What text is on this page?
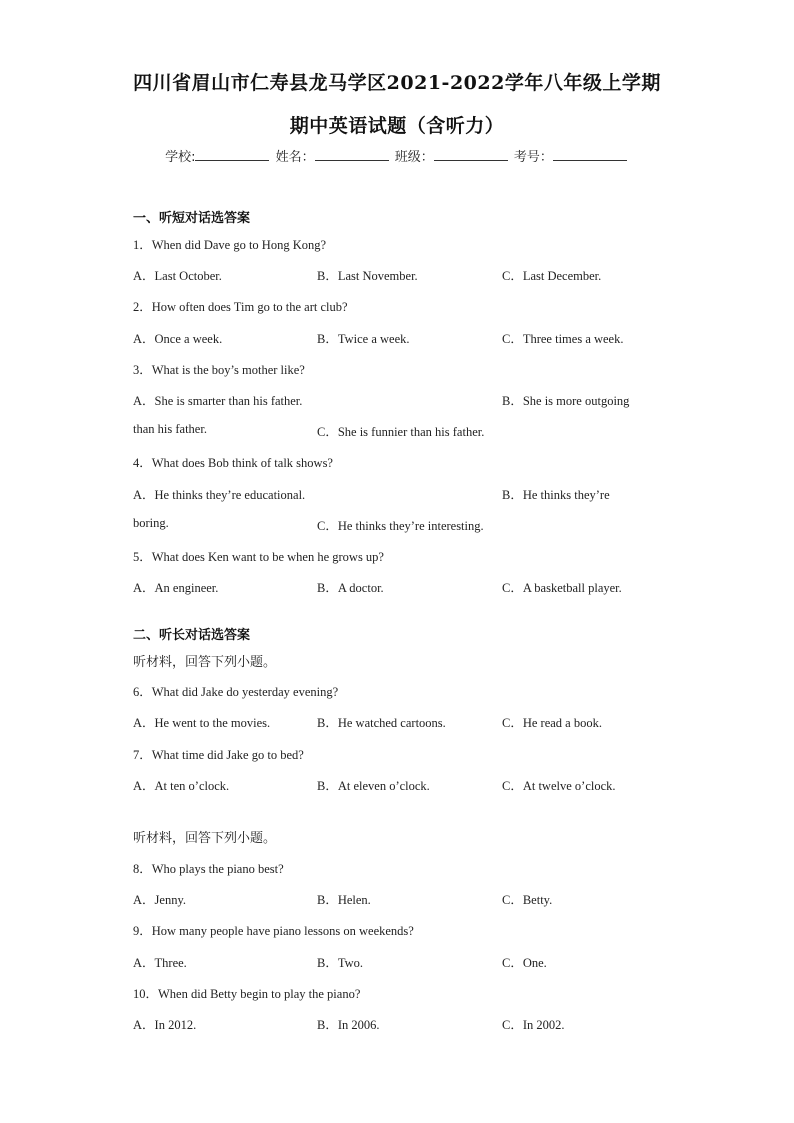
四川省眉山市仁寿县龙马学区2021-2022学年八年级上学期
期中英语试题（含听力）
学校:	姓名：	班级：	考号：
一、听短对话选答案
1．When did Dave go to Hong Kong?
A．Last October.	B．Last November.	C．Last December.
2．How often does Tim go to the art club?
A．Once a week.	B．Twice a week.	C．Three times a week.
3．What is the boy’s mother like?
A．She is smarter than his father.	B．She is more outgoing
than his father.	C．She is funnier than his father.
4．What does Bob think of talk shows?
A．He thinks they’re educational.	B．He thinks they’re
boring.	C．He thinks they’re interesting.
5．What does Ken want to be when he grows up?
A．An engineer.	B．A doctor.	C．A basketball player.
二、听长对话选答案
听材料，回答下列小题。
6．What did Jake do yesterday evening?
A．He went to the movies.	B．He watched cartoons.	C．He read a book.
7．What time did Jake go to bed?
A．At ten o’clock.	B．At eleven o’clock.	C．At twelve o’clock.
听材料，回答下列小题。
8．Who plays the piano best?
A．Jenny.	B．Helen.	C．Betty.
9．How many people have piano lessons on weekends?
A．Three.	B．Two.	C．One.
10．When did Betty begin to play the piano?
A．In 2012.	B．In 2006.	C．In 2002.
